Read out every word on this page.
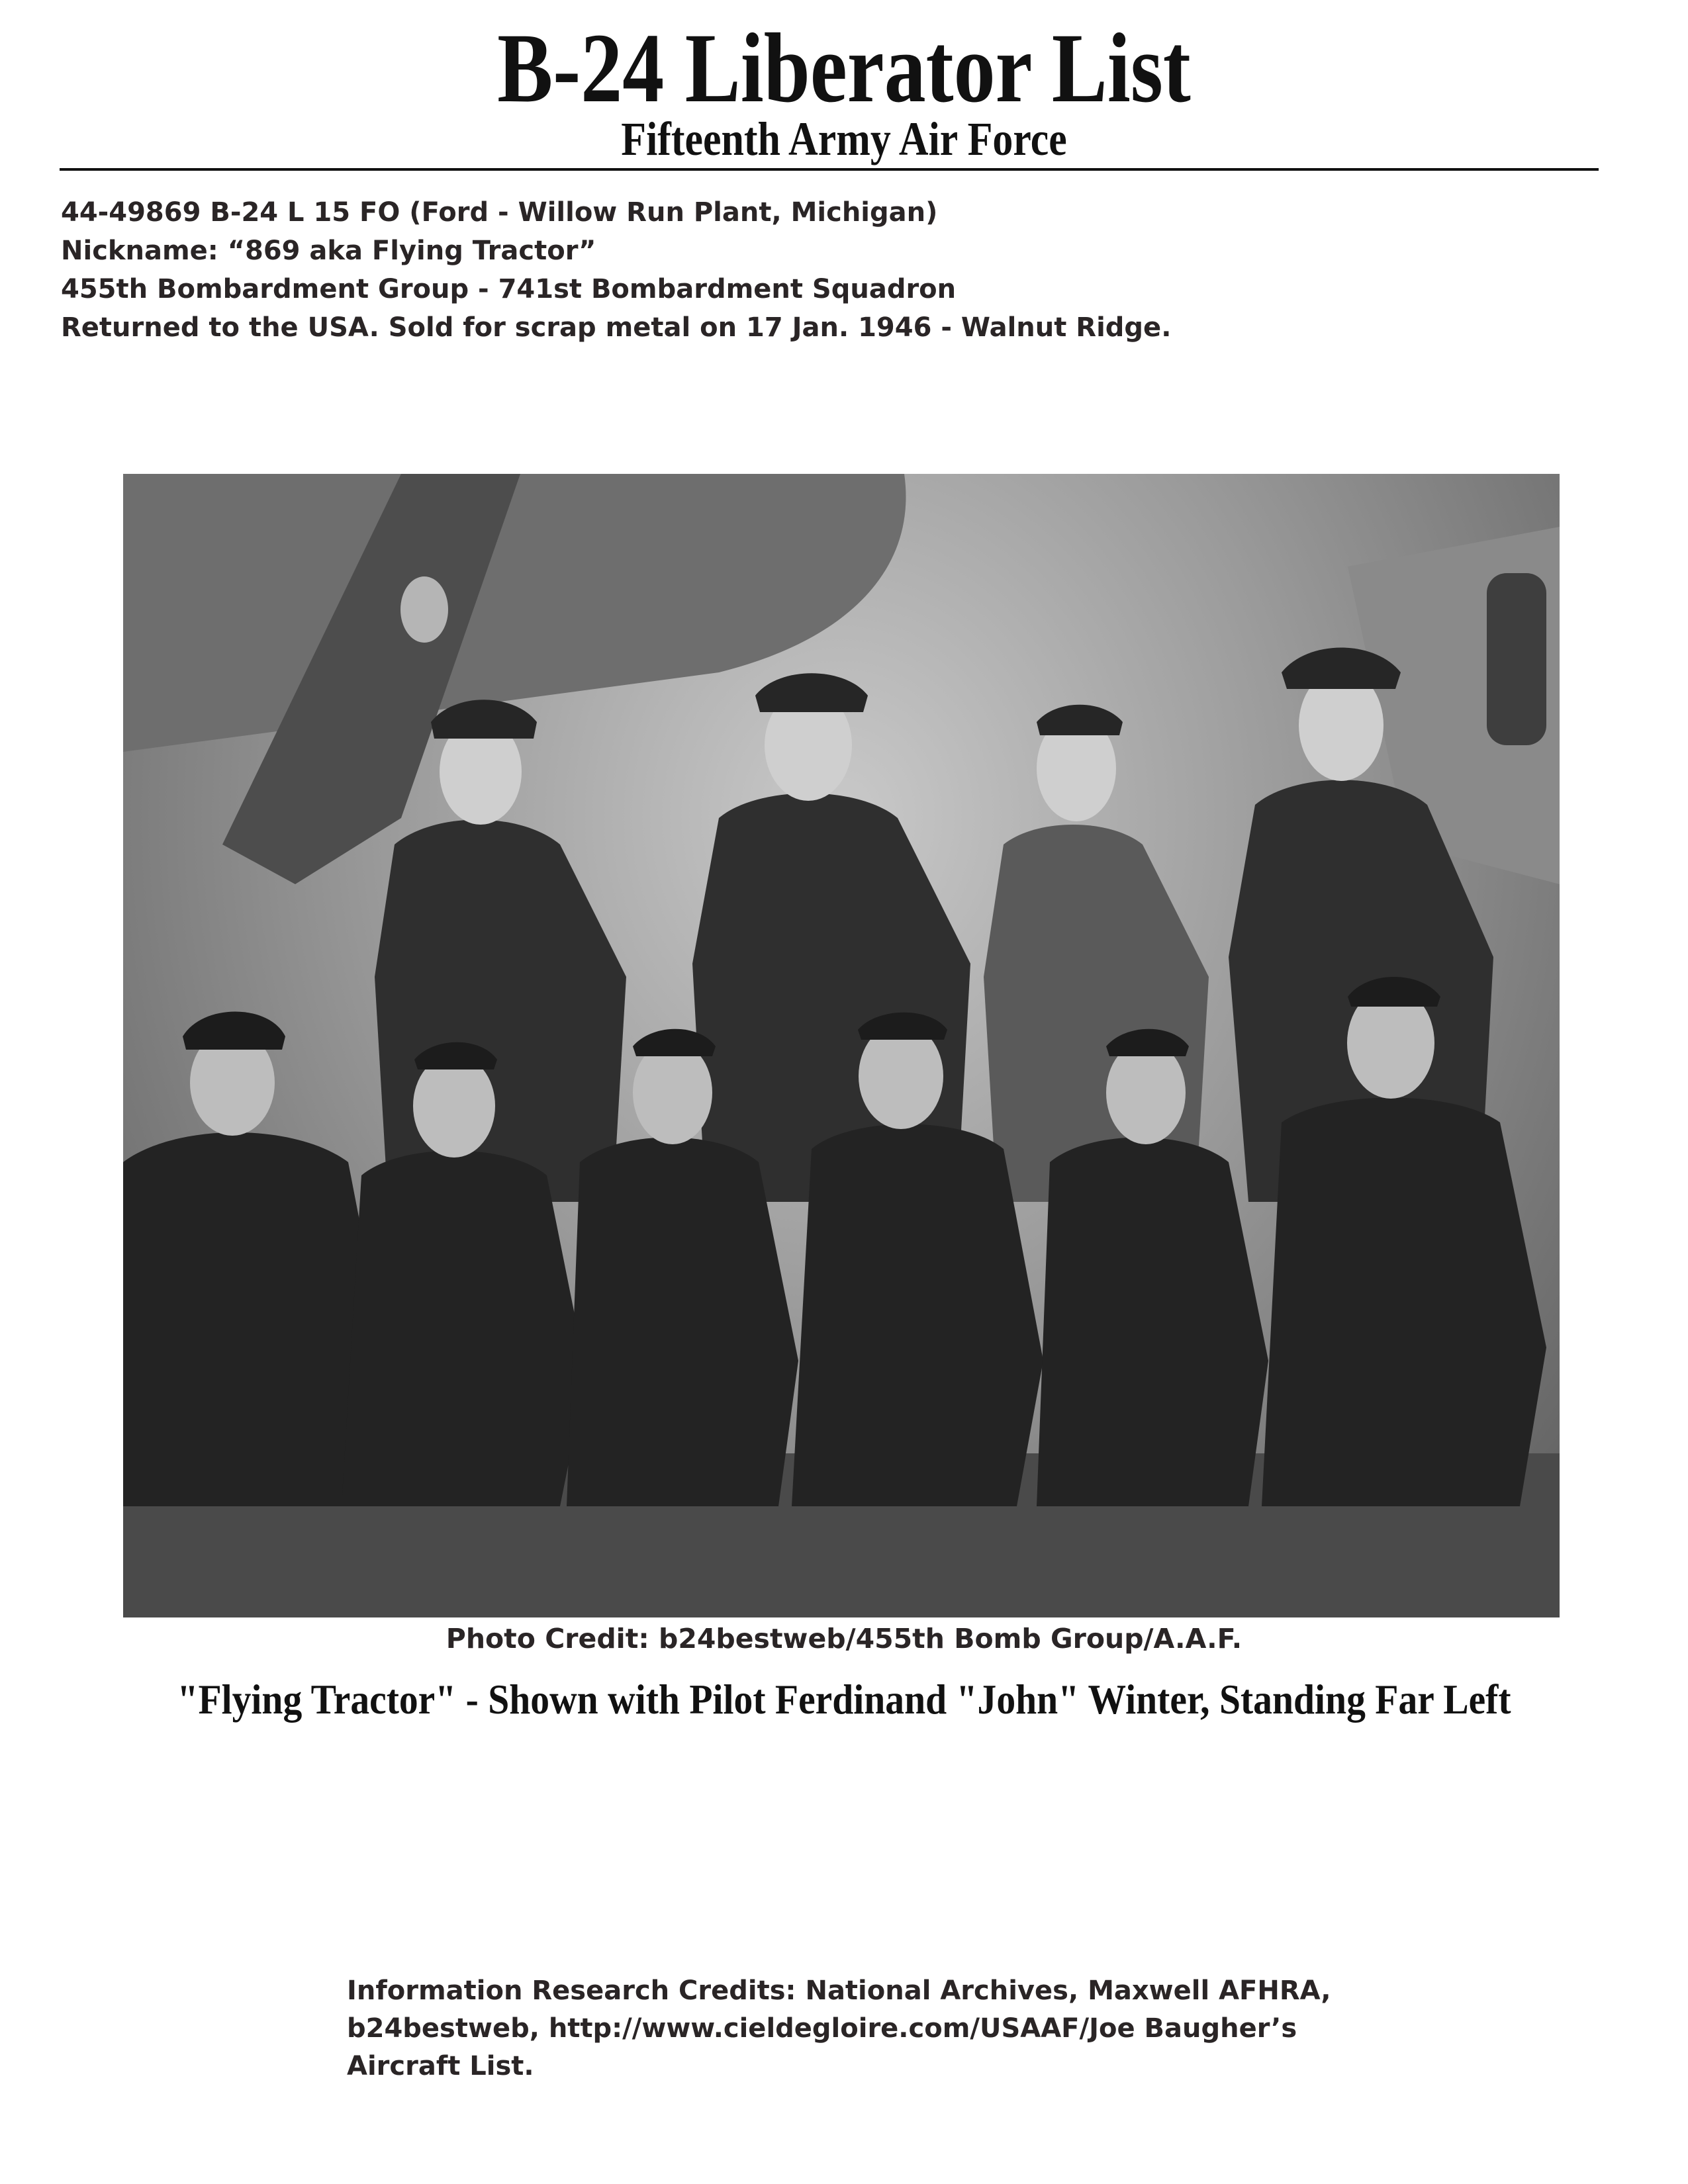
B-24 Liberator List
Fifteenth Army Air Force
44-49869 B-24 L 15 FO (Ford - Willow Run Plant, Michigan)
Nickname: “869 aka Flying Tractor”
455th Bombardment Group - 741st Bombardment Squadron
Returned to the USA. Sold for scrap metal on 17 Jan. 1946 - Walnut Ridge.
Photo Credit: b24bestweb/455th Bomb Group/A.A.F.
"Flying Tractor" - Shown with Pilot Ferdinand "John" Winter, Standing Far Left
Information Research Credits: National Archives, Maxwell AFHRA,
b24bestweb, http://www.cieldegloire.com/USAAF/Joe Baugher’s
Aircraft List.
